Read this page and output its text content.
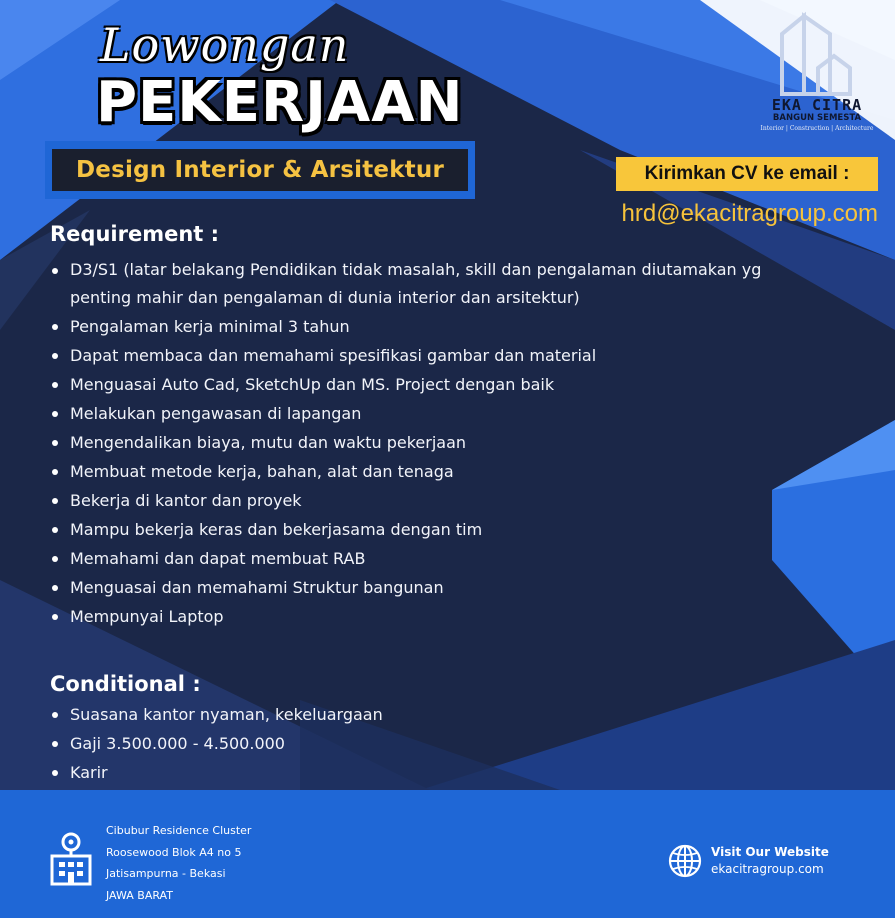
Lowongan
PEKERJAAN
Design Interior & Arsitektur
EKA CITRA
BANGUN SEMESTA
Interior | Construction | Architecture
Kirimkan CV ke email :
hrd@ekacitragroup.com
Requirement :
D3/S1 (latar belakang Pendidikan tidak masalah, skill dan pengalaman diutamakan yg penting mahir dan pengalaman di dunia interior dan arsitektur)
Pengalaman kerja minimal 3 tahun
Dapat membaca dan memahami spesifikasi gambar dan material
Menguasai Auto Cad, SketchUp dan MS. Project dengan baik
Melakukan pengawasan di lapangan
Mengendalikan biaya, mutu dan waktu pekerjaan
Membuat metode kerja, bahan, alat dan tenaga
Bekerja di kantor dan proyek
Mampu bekerja keras dan bekerjasama dengan tim
Memahami dan dapat membuat RAB
Menguasai dan memahami Struktur bangunan
Mempunyai Laptop
Conditional :
Suasana kantor nyaman, kekeluargaan
Gaji 3.500.000 - 4.500.000
Karir
Cibubur Residence Cluster
Roosewood Blok A4 no 5
Jatisampurna - Bekasi
JAWA BARAT
Visit Our Website
ekacitragroup.com
